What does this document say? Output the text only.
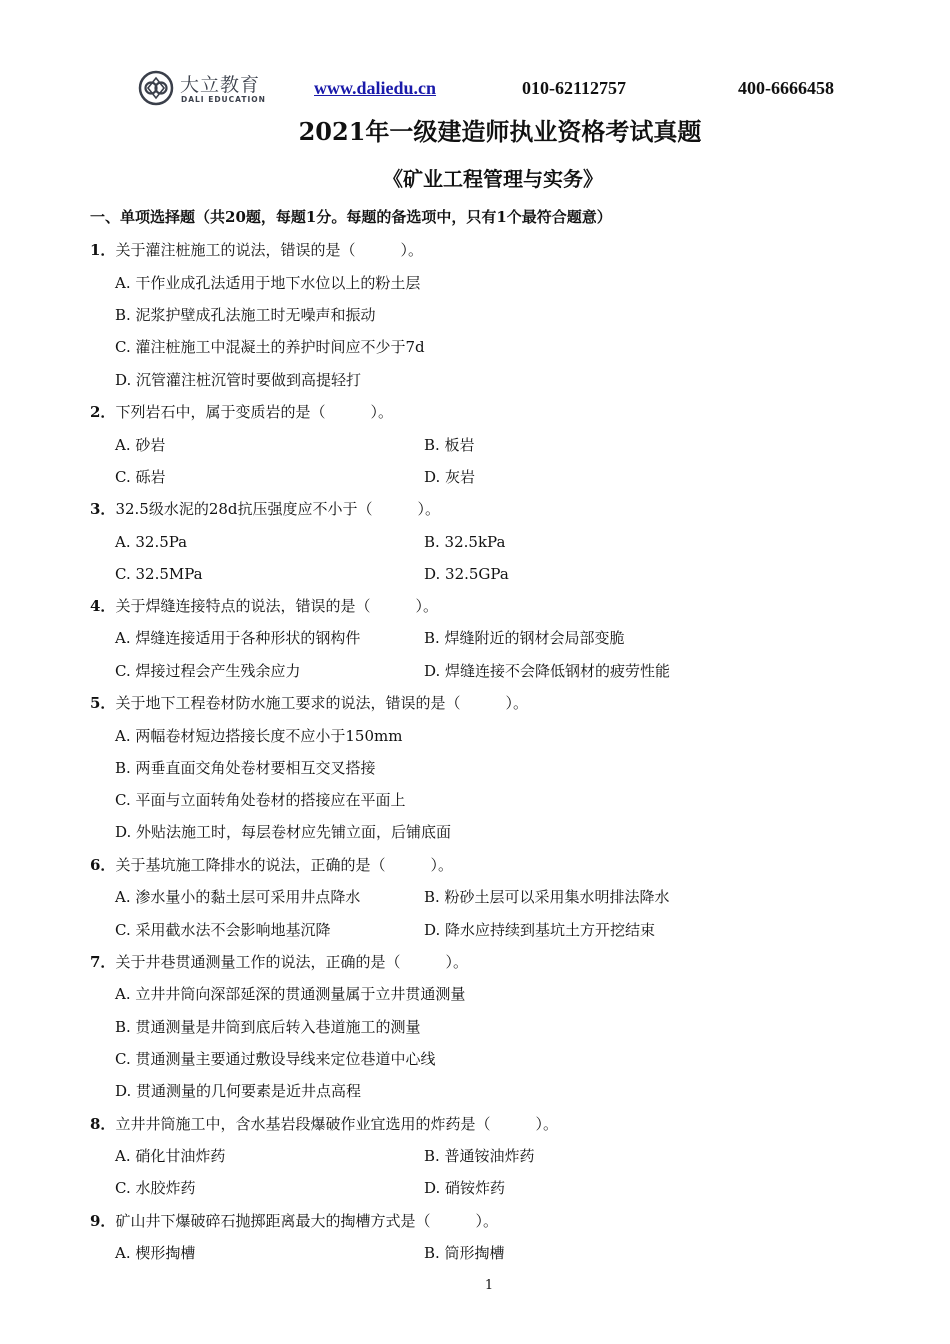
大立教育
DALI EDUCATION
www.daliedu.cn	010-62112757	400-6666458
2021年一级建造师执业资格考试真题
《矿业工程管理与实务》
一、单项选择题（共20题，每题1分。每题的备选项中，只有1个最符合题意）
1．关于灌注桩施工的说法，错误的是（　　　）。
A. 干作业成孔法适用于地下水位以上的粉土层
B. 泥浆护壁成孔法施工时无噪声和振动
C. 灌注桩施工中混凝土的养护时间应不少于7d
D. 沉管灌注桩沉管时要做到高提轻打
2．下列岩石中，属于变质岩的是（　　　）。
A. 砂岩	B. 板岩
C. 砾岩	D. 灰岩
3．32.5级水泥的28d抗压强度应不小于（　　　）。
A. 32.5Pa	B. 32.5kPa
C. 32.5MPa	D. 32.5GPa
4．关于焊缝连接特点的说法，错误的是（　　　）。
A. 焊缝连接适用于各种形状的钢构件	B. 焊缝附近的钢材会局部变脆
C. 焊接过程会产生残余应力	D. 焊缝连接不会降低钢材的疲劳性能
5．关于地下工程卷材防水施工要求的说法，错误的是（　　　）。
A. 两幅卷材短边搭接长度不应小于150mm
B. 两垂直面交角处卷材要相互交叉搭接
C. 平面与立面转角处卷材的搭接应在平面上
D. 外贴法施工时，每层卷材应先铺立面，后铺底面
6．关于基坑施工降排水的说法，正确的是（　　　）。
A. 渗水量小的黏土层可采用井点降水	B. 粉砂土层可以采用集水明排法降水
C. 采用截水法不会影响地基沉降	D. 降水应持续到基坑土方开挖结束
7．关于井巷贯通测量工作的说法，正确的是（　　　）。
A. 立井井筒向深部延深的贯通测量属于立井贯通测量
B. 贯通测量是井筒到底后转入巷道施工的测量
C. 贯通测量主要通过敷设导线来定位巷道中心线
D. 贯通测量的几何要素是近井点高程
8．立井井筒施工中，含水基岩段爆破作业宜选用的炸药是（　　　）。
A. 硝化甘油炸药	B. 普通铵油炸药
C. 水胶炸药	D. 硝铵炸药
9．矿山井下爆破碎石抛掷距离最大的掏槽方式是（　　　）。
A. 楔形掏槽	B. 筒形掏槽
1
